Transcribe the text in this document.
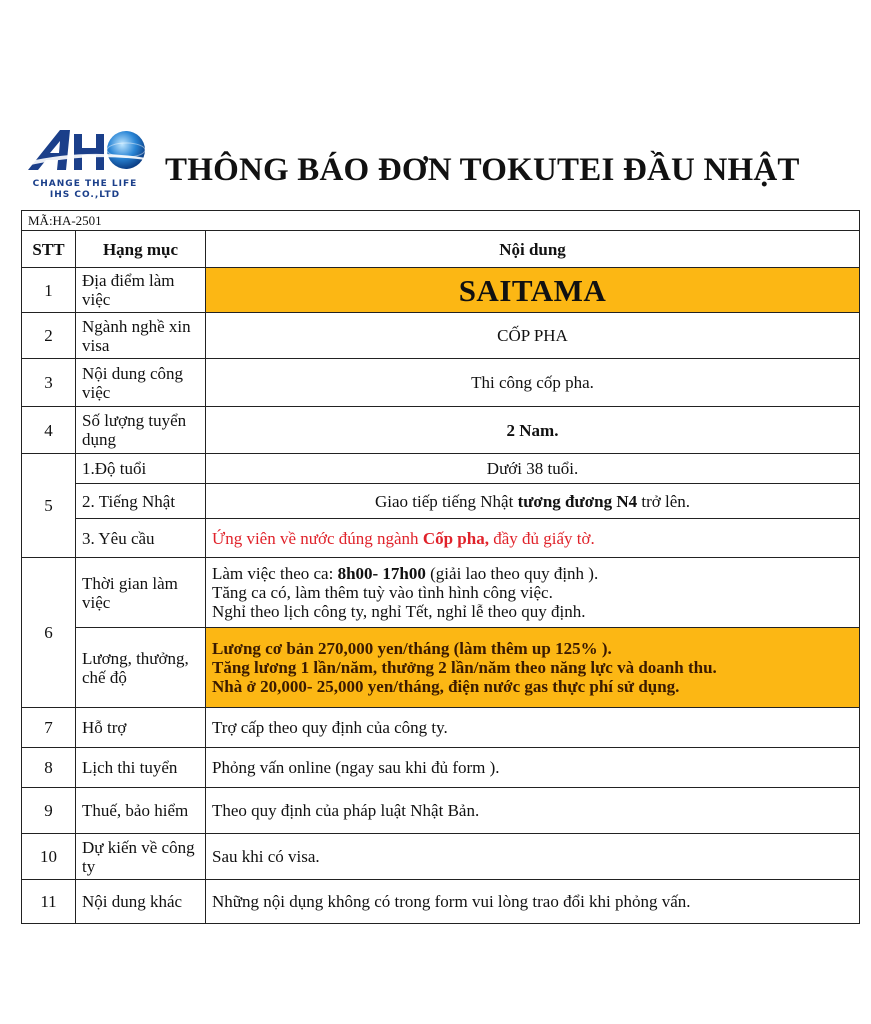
AH
CHANGE THE LIFE
IHS CO.,LTD
THÔNG BÁO ĐƠN TOKUTEI ĐẦU NHẬT
MÃ:HA-2501		
STT	Hạng mục	Nội dung
1	Địa điểm làm việc	SAITAMA
2	Ngành nghề xin visa	CỐP PHA
3	Nội dung công việc	Thi công cốp pha.
4	Số lượng tuyển dụng	2 Nam.
5	1.Độ tuổi	Dưới 38 tuổi.
	2. Tiếng Nhật	Giao tiếp tiếng Nhật tương đương N4 trở lên.
	3. Yêu cầu	Ứng viên về nước đúng ngành Cốp pha, đầy đủ giấy tờ.
6	Thời gian làm việc	Làm việc theo ca: 8h00- 17h00 (giải lao theo quy định ).
Tăng ca có, làm thêm tuỳ vào tình hình công việc.
Nghỉ theo lịch công ty, nghỉ Tết, nghỉ lễ theo quy định.

	Lương, thưởng, chế độ	Lương cơ bản 270,000 yen/tháng (làm thêm up 125% ).
Tăng lương 1 lần/năm, thưởng 2 lần/năm theo năng lực và doanh thu.
Nhà ở 20,000- 25,000 yen/tháng, điện nước gas thực phí sử dụng.

7	Hỗ trợ	Trợ cấp theo quy định của công ty.
8	Lịch thi tuyển	Phỏng vấn online (ngay sau khi đủ form ).
9	Thuế, bảo hiểm	Theo quy định của pháp luật Nhật Bản.
10	Dự kiến về công ty	Sau khi có visa.
11	Nội dung khác	Những nội dụng không có trong form vui lòng trao đổi khi phỏng vấn.
